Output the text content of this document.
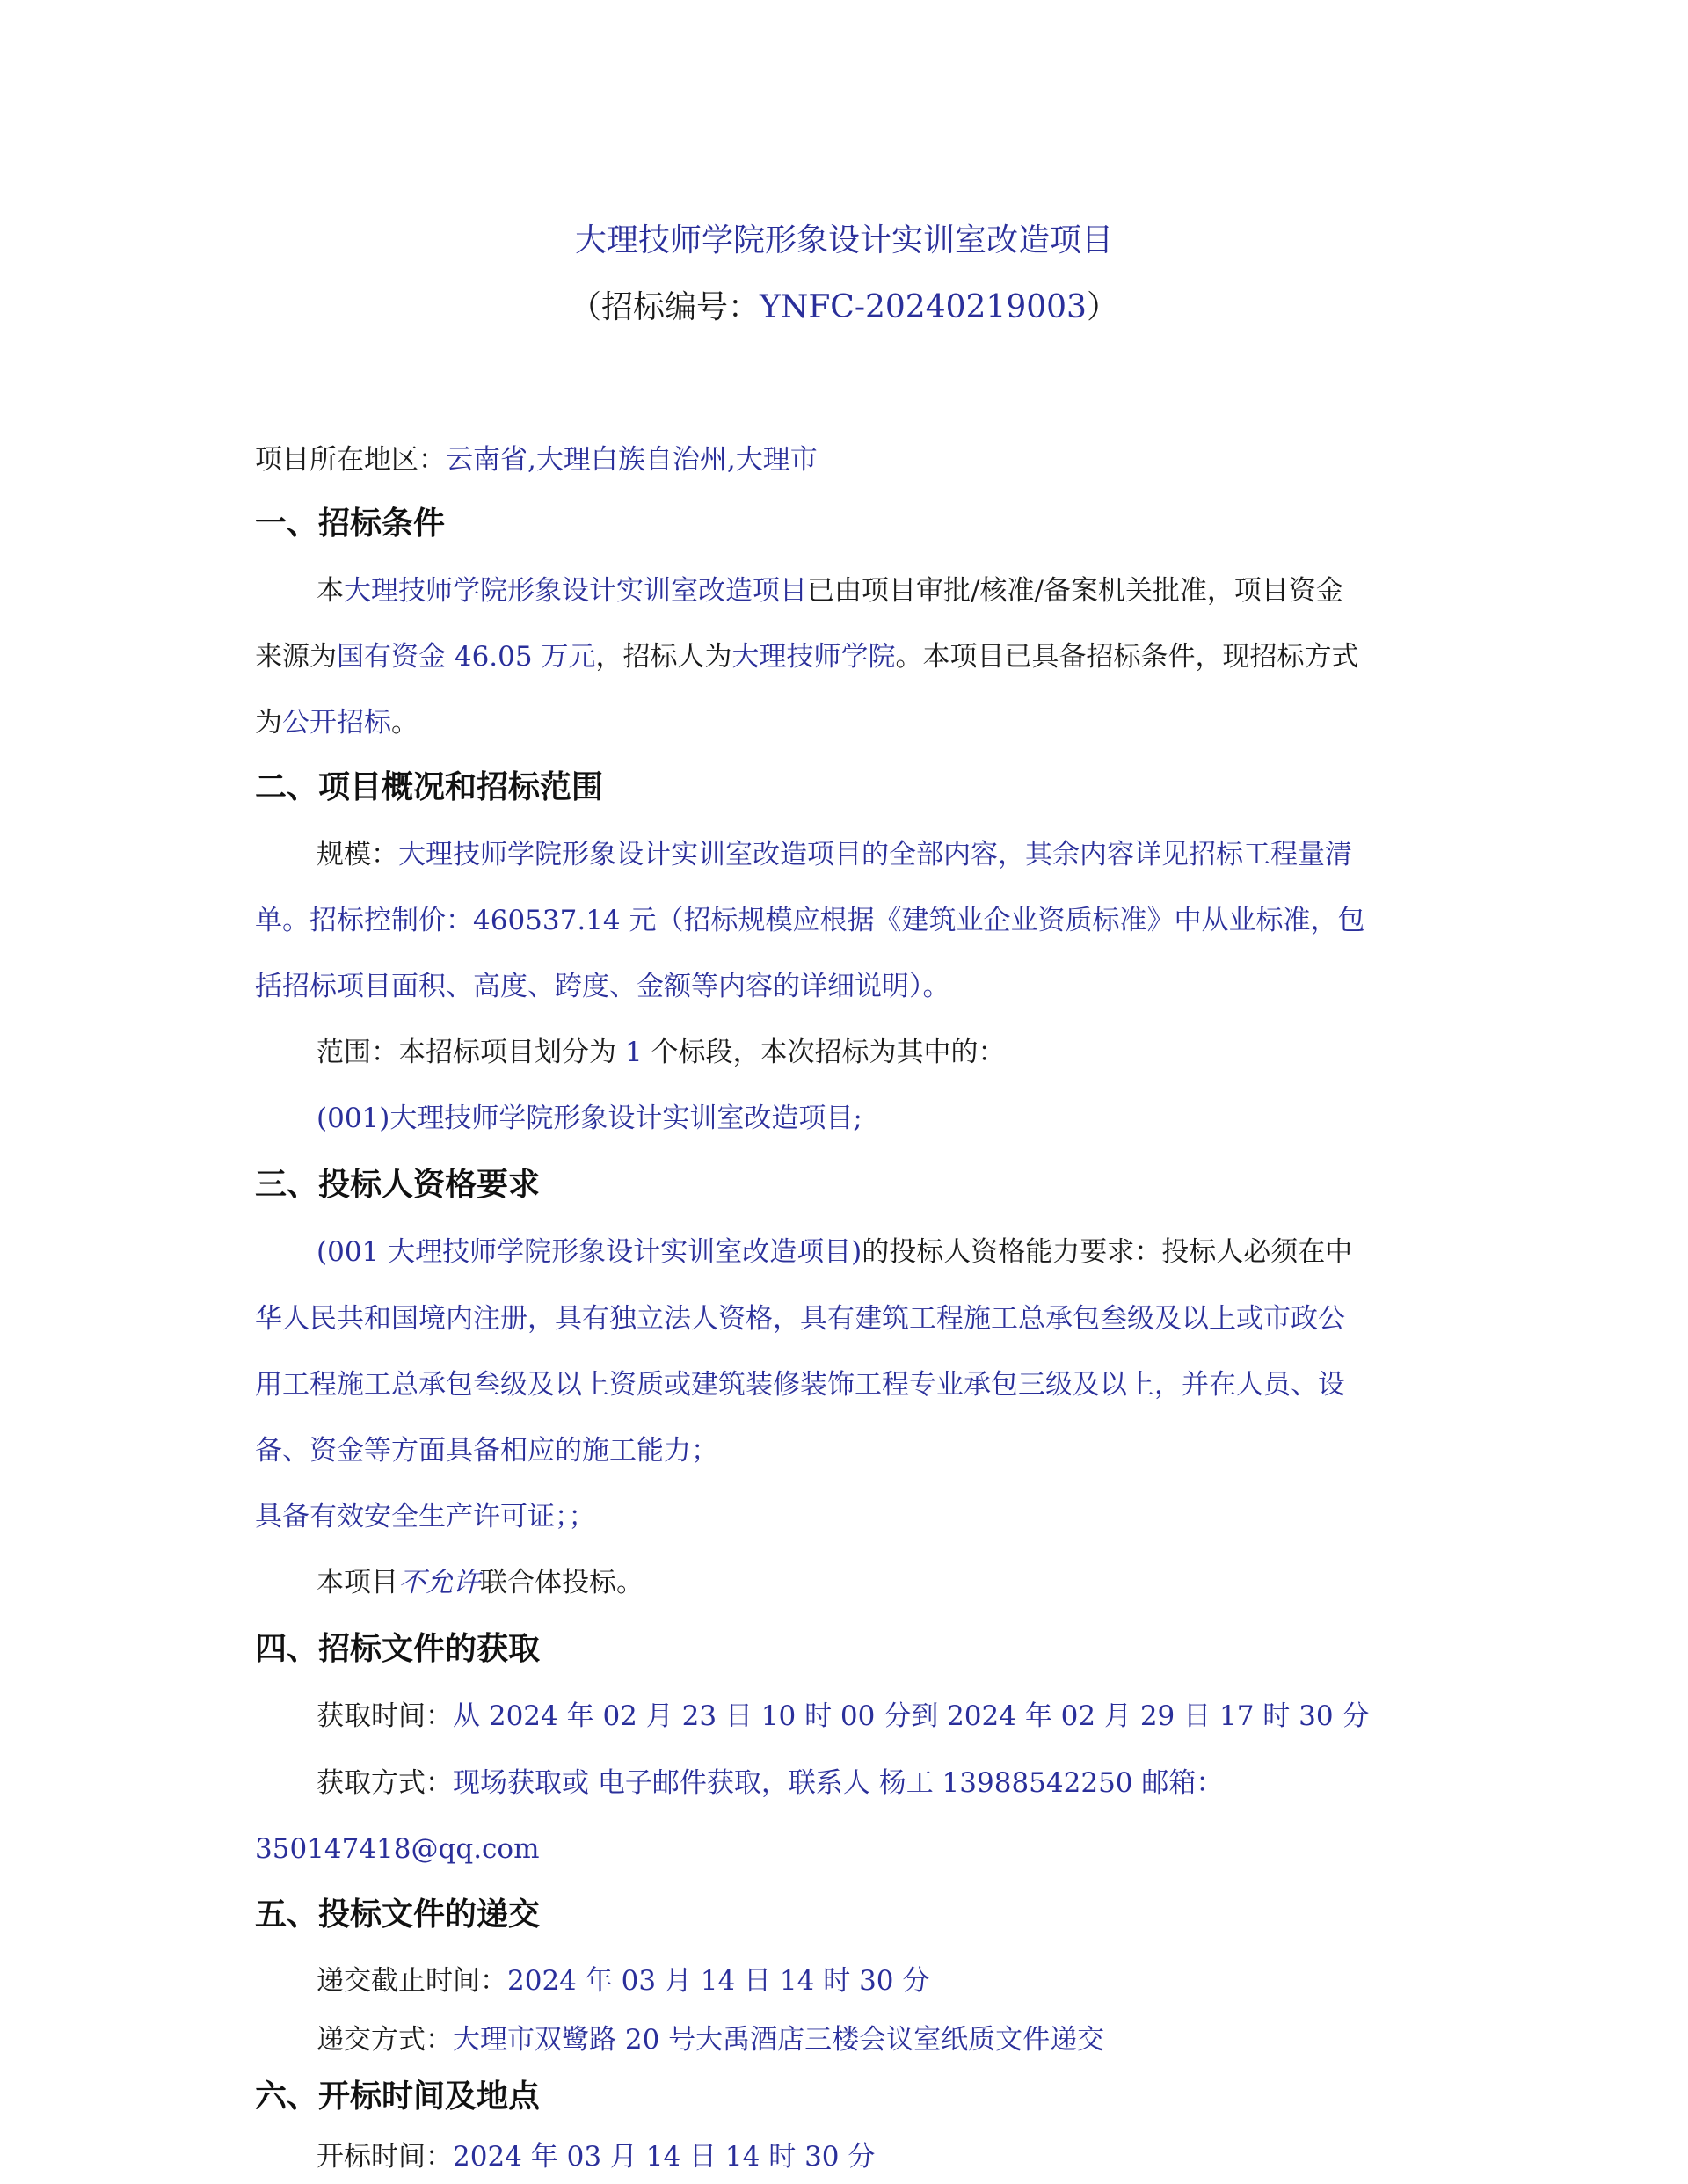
大理技师学院形象设计实训室改造项目
（招标编号：YNFC-20240219003）
项目所在地区：云南省,大理白族自治州,大理市
一、招标条件
本大理技师学院形象设计实训室改造项目已由项目审批/核准/备案机关批准，项目资金
来源为国有资金 46.05 万元，招标人为大理技师学院。本项目已具备招标条件，现招标方式
为公开招标。
二、项目概况和招标范围
规模：大理技师学院形象设计实训室改造项目的全部内容，其余内容详见招标工程量清
单。招标控制价：460537.14 元（招标规模应根据《建筑业企业资质标准》中从业标准，包
括招标项目面积、高度、跨度、金额等内容的详细说明）。
范围：本招标项目划分为 1 个标段，本次招标为其中的：
(001)大理技师学院形象设计实训室改造项目;
三、投标人资格要求
(001 大理技师学院形象设计实训室改造项目)的投标人资格能力要求：投标人必须在中
华人民共和国境内注册，具有独立法人资格，具有建筑工程施工总承包叁级及以上或市政公
用工程施工总承包叁级及以上资质或建筑装修装饰工程专业承包三级及以上，并在人员、设
备、资金等方面具备相应的施工能力；
具备有效安全生产许可证；；
本项目不允许联合体投标。
四、招标文件的获取
获取时间：从 2024 年 02 月 23 日 10 时 00 分到 2024 年 02 月 29 日 17 时 30 分
获取方式：现场获取或 电子邮件获取，联系人 杨工 13988542250 邮箱：
350147418@qq.com
五、投标文件的递交
递交截止时间：2024 年 03 月 14 日 14 时 30 分
递交方式：大理市双鹭路 20 号大禹酒店三楼会议室纸质文件递交
六、开标时间及地点
开标时间：2024 年 03 月 14 日 14 时 30 分
